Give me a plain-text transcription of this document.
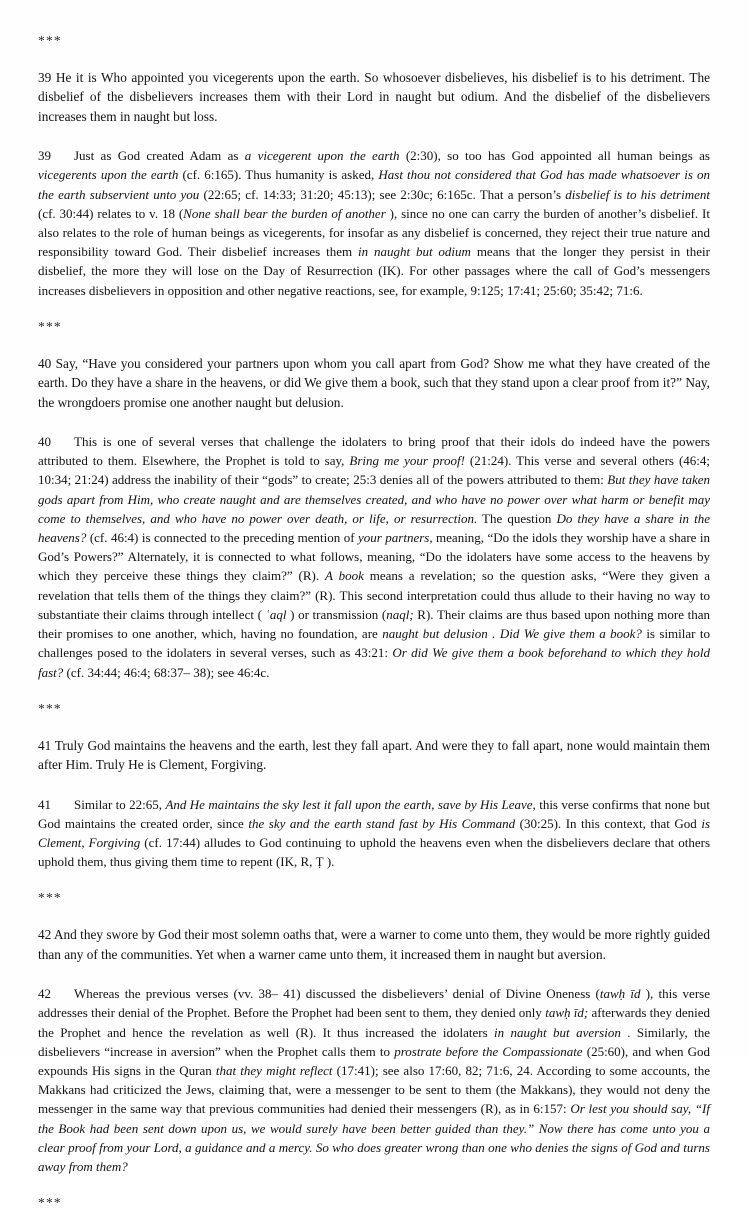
***

39 He it is Who appointed you vicegerents upon the earth. So whosoever disbelieves, his disbelief is to his detriment. The disbelief of the disbelievers increases them with their Lord in naught but odium. And the disbelief of the disbelievers increases them in naught but loss.

39 Just as God created Adam as a vicegerent upon the earth (2:30), so too has God appointed all human beings as vicegerents upon the earth (cf. 6:165). Thus humanity is asked, Hast thou not considered that God has made whatsoever is on the earth subservient unto you (22:65; cf. 14:33; 31:20; 45:13); see 2:30c; 6:165c. That a person’s disbelief is to his detriment (cf. 30:44) relates to v. 18 (None shall bear the burden of another ), since no one can carry the burden of another’s disbelief. It also relates to the role of human beings as vicegerents, for insofar as any disbelief is concerned, they reject their true nature and responsibility toward God. Their disbelief increases them in naught but odium means that the longer they persist in their disbelief, the more they will lose on the Day of Resurrection (IK). For other passages where the call of God’s messengers increases disbelievers in opposition and other negative reactions, see, for example, 9:125; 17:41; 25:60; 35:42; 71:6.

***

40 Say, “Have you considered your partners upon whom you call apart from God? Show me what they have created of the earth. Do they have a share in the heavens, or did We give them a book, such that they stand upon a clear proof from it?” Nay, the wrongdoers promise one another naught but delusion.

40 This is one of several verses that challenge the idolaters to bring proof that their idols do indeed have the powers attributed to them. Elsewhere, the Prophet is told to say, Bring me your proof! (21:24). This verse and several others (46:4; 10:34; 21:24) address the inability of their “gods” to create; 25:3 denies all of the powers attributed to them: But they have taken gods apart from Him, who create naught and are themselves created, and who have no power over what harm or benefit may come to themselves, and who have no power over death, or life, or resurrection. The question Do they have a share in the heavens? (cf. 46:4) is connected to the preceding mention of your partners, meaning, “Do the idols they worship have a share in God’s Powers?” Alternately, it is connected to what follows, meaning, “Do the idolaters have some access to the heavens by which they perceive these things they claim?” (R). A book means a revelation; so the question asks, “Were they given a revelation that tells them of the things they claim?” (R). This second interpretation could thus allude to their having no way to substantiate their claims through intellect ( ʿaql ) or transmission (naql; R). Their claims are thus based upon nothing more than their promises to one another, which, having no foundation, are naught but delusion . Did We give them a book? is similar to challenges posed to the idolaters in several verses, such as 43:21: Or did We give them a book beforehand to which they hold fast? (cf. 34:44; 46:4; 68:37– 38); see 46:4c.

***

41 Truly God maintains the heavens and the earth, lest they fall apart. And were they to fall apart, none would maintain them after Him. Truly He is Clement, Forgiving.

41 Similar to 22:65, And He maintains the sky lest it fall upon the earth, save by His Leave, this verse confirms that none but God maintains the created order, since the sky and the earth stand fast by His Command (30:25). In this context, that God is Clement, Forgiving (cf. 17:44) alludes to God continuing to uphold the heavens even when the disbelievers declare that others uphold them, thus giving them time to repent (IK, R, Ṭ ).

***

42 And they swore by God their most solemn oaths that, were a warner to come unto them, they would be more rightly guided than any of the communities. Yet when a warner came unto them, it increased them in naught but aversion.

42 Whereas the previous verses (vv. 38– 41) discussed the disbelievers’ denial of Divine Oneness (tawḥ īd ), this verse addresses their denial of the Prophet. Before the Prophet had been sent to them, they denied only tawḥ īd; afterwards they denied the Prophet and hence the revelation as well (R). It thus increased the idolaters in naught but aversion . Similarly, the disbelievers “increase in aversion” when the Prophet calls them to prostrate before the Compassionate (25:60), and when God expounds His signs in the Quran that they might reflect (17:41); see also 17:60, 82; 71:6, 24. According to some accounts, the Makkans had criticized the Jews, claiming that, were a messenger to be sent to them (the Makkans), they would not deny the messenger in the same way that previous communities had denied their messengers (R), as in 6:157: Or lest you should say, “If the Book had been sent down upon us, we would surely have been better guided than they.” Now there has come unto you a clear proof from your Lord, a guidance and a mercy. So who does greater wrong than one who denies the signs of God and turns away from them?

***
